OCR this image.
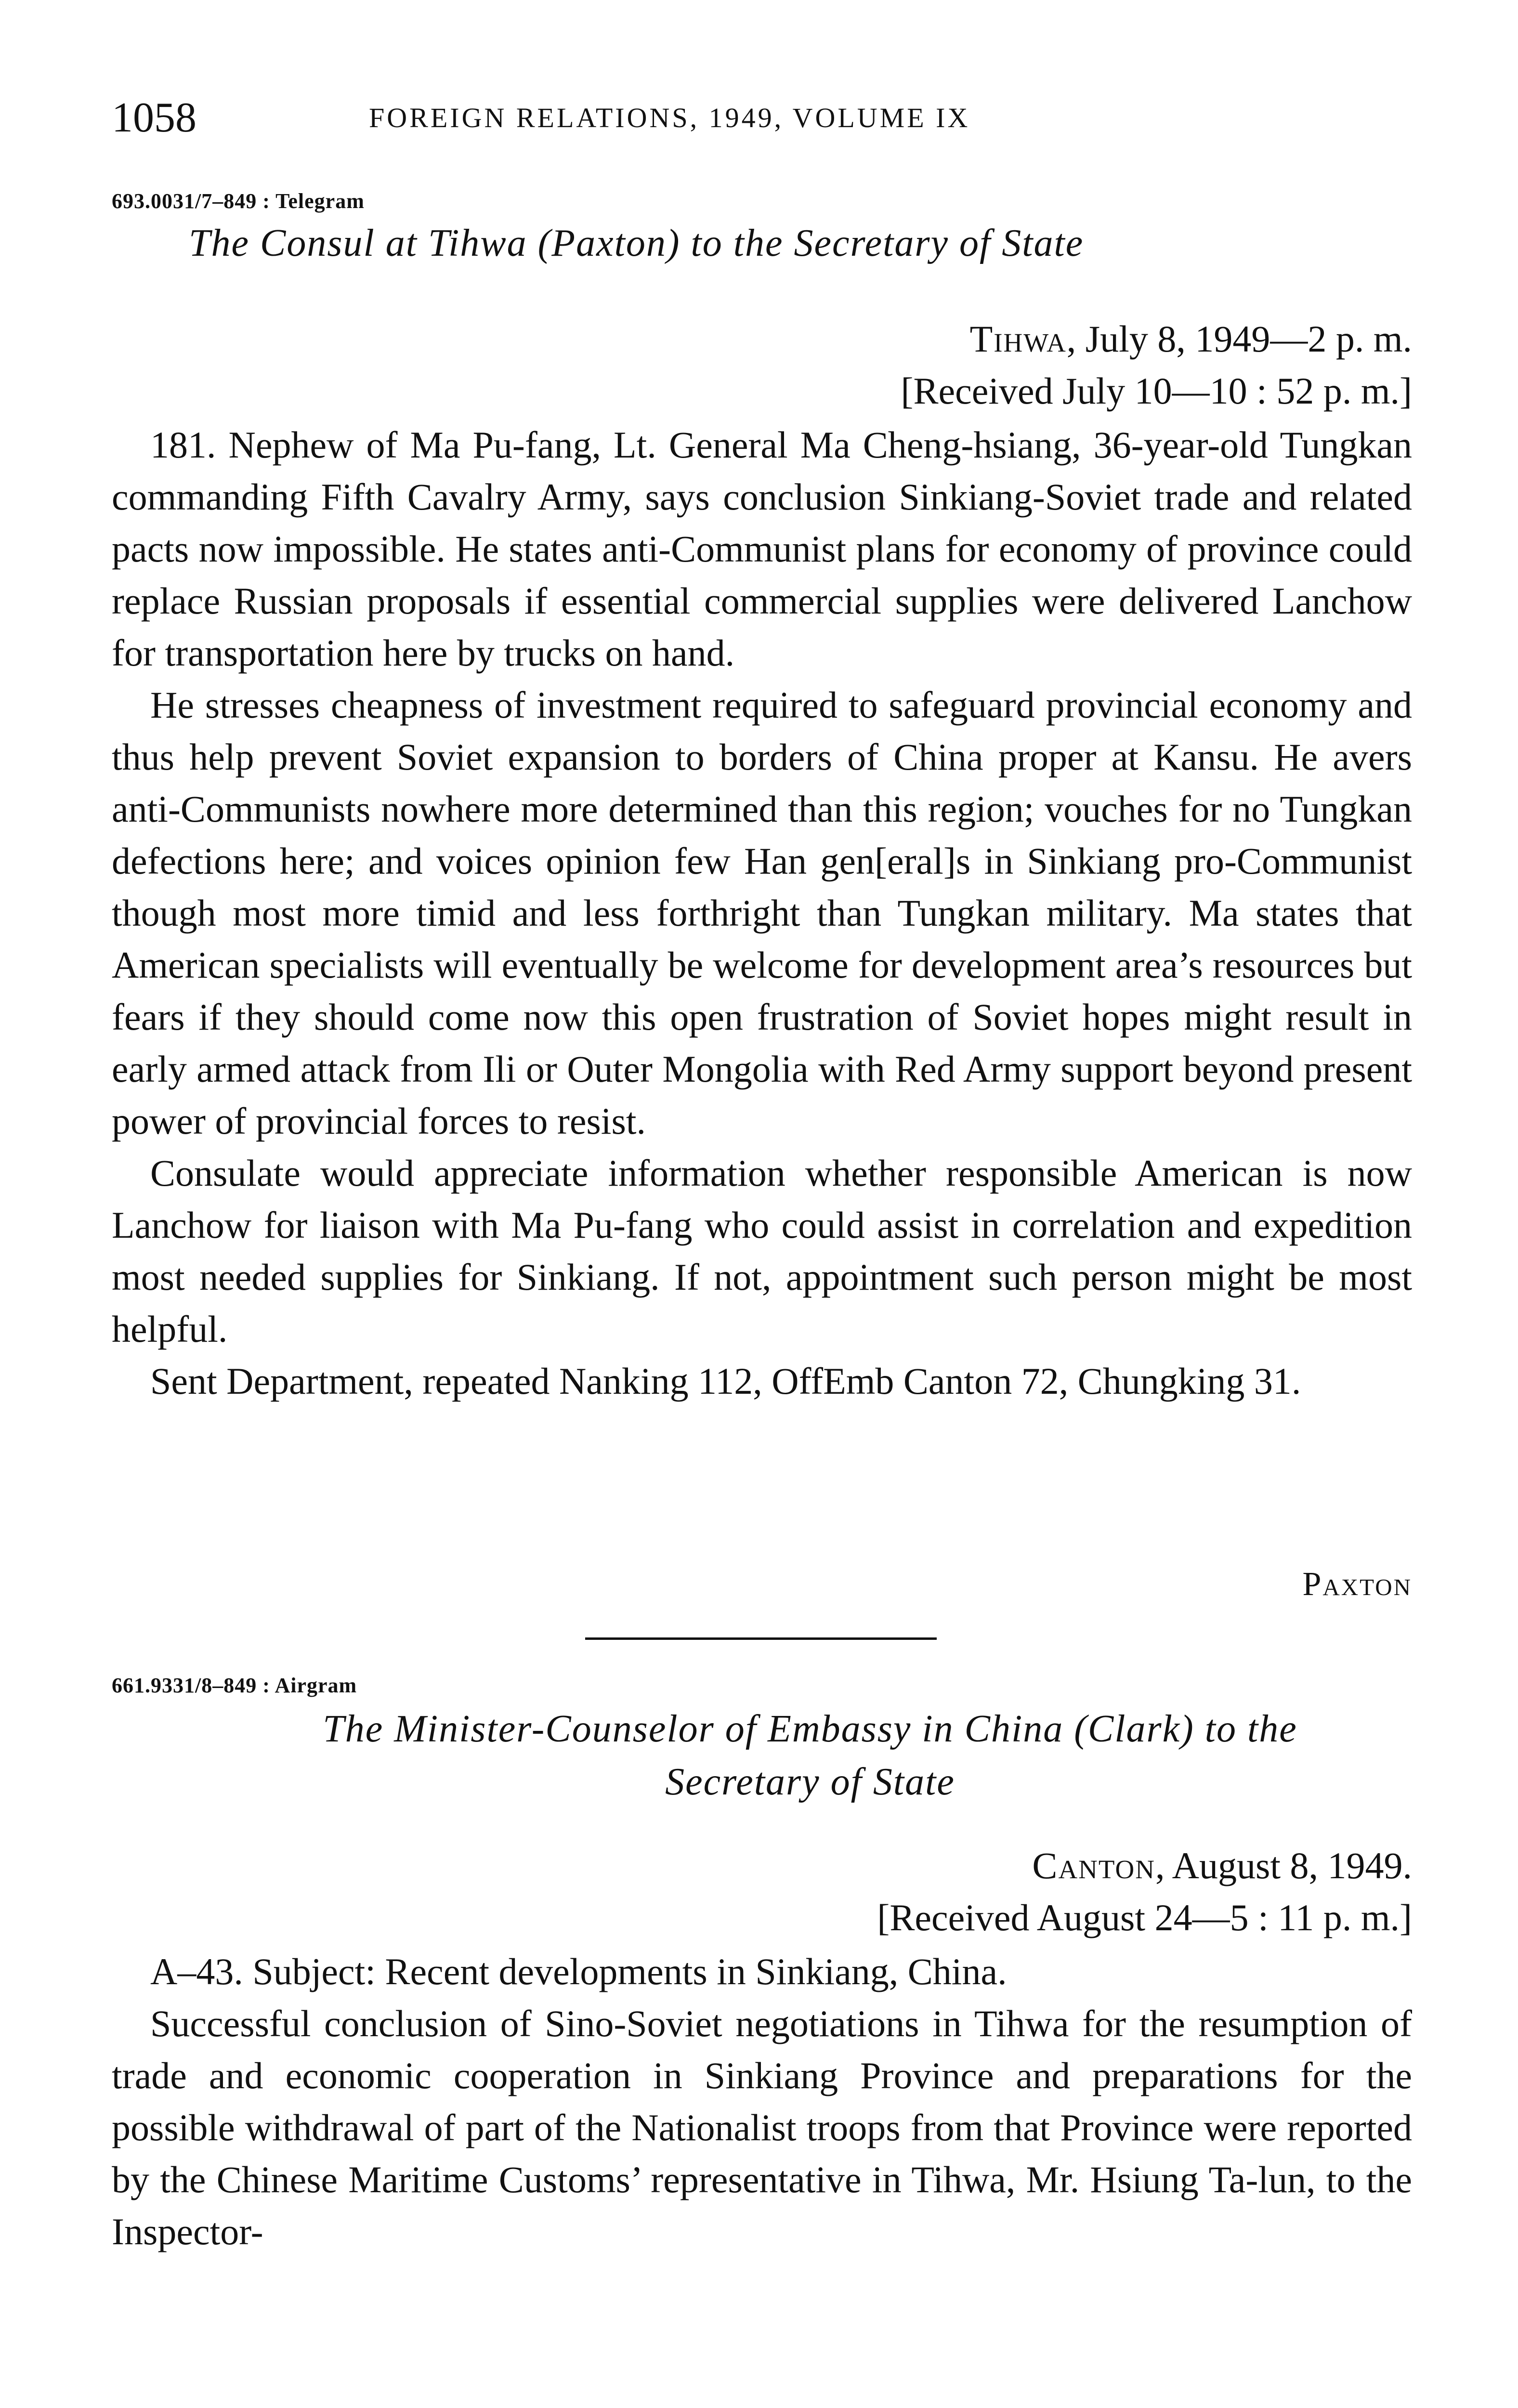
1058	FOREIGN RELATIONS, 1949, VOLUME IX
693.0031/7–849 : Telegram
The Consul at Tihwa (Paxton) to the Secretary of State
Tihwa, July 8, 1949—2 p. m.
[Received July 10—10 : 52 p. m.]

181. Nephew of Ma Pu-fang, Lt. General Ma Cheng-hsiang, 36-year-old Tungkan commanding Fifth Cavalry Army, says conclusion Sinkiang-Soviet trade and related pacts now impossible. He states anti-Communist plans for economy of province could replace Russian proposals if essential commercial supplies were delivered Lanchow for transportation here by trucks on hand.

He stresses cheapness of investment required to safeguard provincial economy and thus help prevent Soviet expansion to borders of China proper at Kansu. He avers anti-Communists nowhere more determined than this region; vouches for no Tungkan defections here; and voices opinion few Han gen[eral]s in Sinkiang pro-Communist though most more timid and less forthright than Tungkan military. Ma states that American specialists will eventually be welcome for development area’s resources but fears if they should come now this open frustration of Soviet hopes might result in early armed attack from Ili or Outer Mongolia with Red Army support beyond present power of provincial forces to resist.

Consulate would appreciate information whether responsible American is now Lanchow for liaison with Ma Pu-fang who could assist in correlation and expedition most needed supplies for Sinkiang. If not, appointment such person might be most helpful.

Sent Department, repeated Nanking 112, OffEmb Canton 72, Chungking 31.

Paxton
661.9331/8–849 : Airgram
The Minister-Counselor of Embassy in China (Clark) to the
Secretary of State
Canton, August 8, 1949.
[Received August 24—5 : 11 p. m.]

A–43. Subject: Recent developments in Sinkiang, China.

Successful conclusion of Sino-Soviet negotiations in Tihwa for the resumption of trade and economic cooperation in Sinkiang Province and preparations for the possible withdrawal of part of the Nationalist troops from that Province were reported by the Chinese Maritime Customs’ representative in Tihwa, Mr. Hsiung Ta-lun, to the Inspector-
